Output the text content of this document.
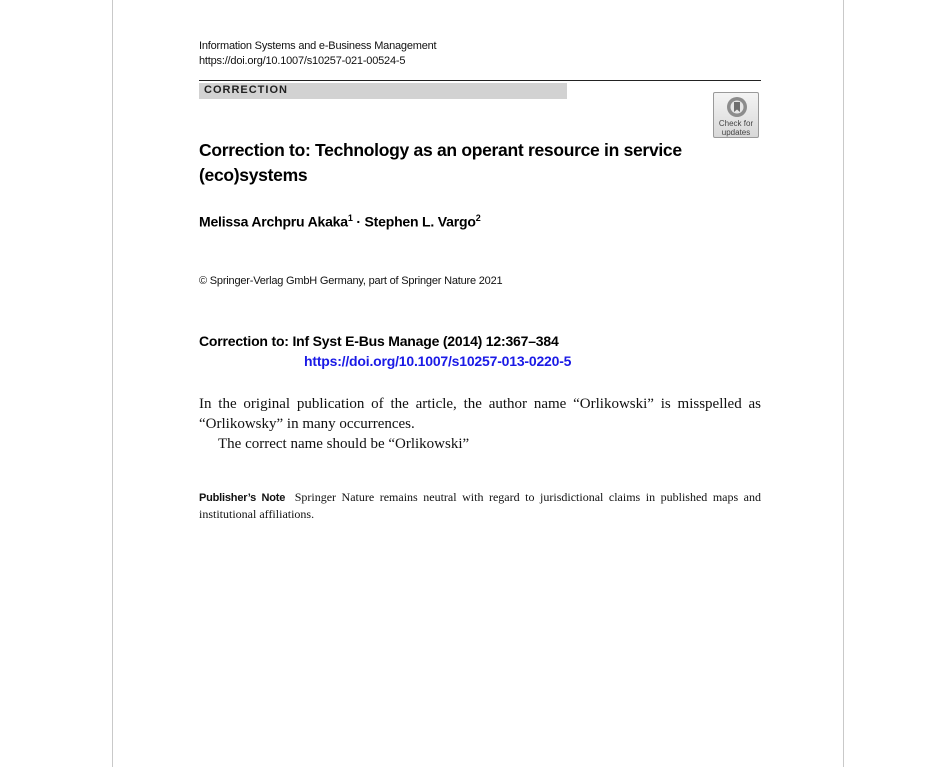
Information Systems and e-Business Management
https://doi.org/10.1007/s10257-021-00524-5
CORRECTION
Check for
updates
Correction to: Technology as an operant resource in service (eco)systems
Melissa Archpru Akaka$^1$ · Stephen L. Vargo$^2$
© Springer-Verlag GmbH Germany, part of Springer Nature 2021
Correction to: Inf Syst E-Bus Manage (2014) 12:367–384
https://doi.org/10.1007/s10257-013-0220-5
In the original publication of the article, the author name “Orlikowski” is misspelled as “Orlikowsky” in many occurrences.
The correct name should be “Orlikowski”
Publisher’s Note Springer Nature remains neutral with regard to jurisdictional claims in published maps and institutional affiliations.
